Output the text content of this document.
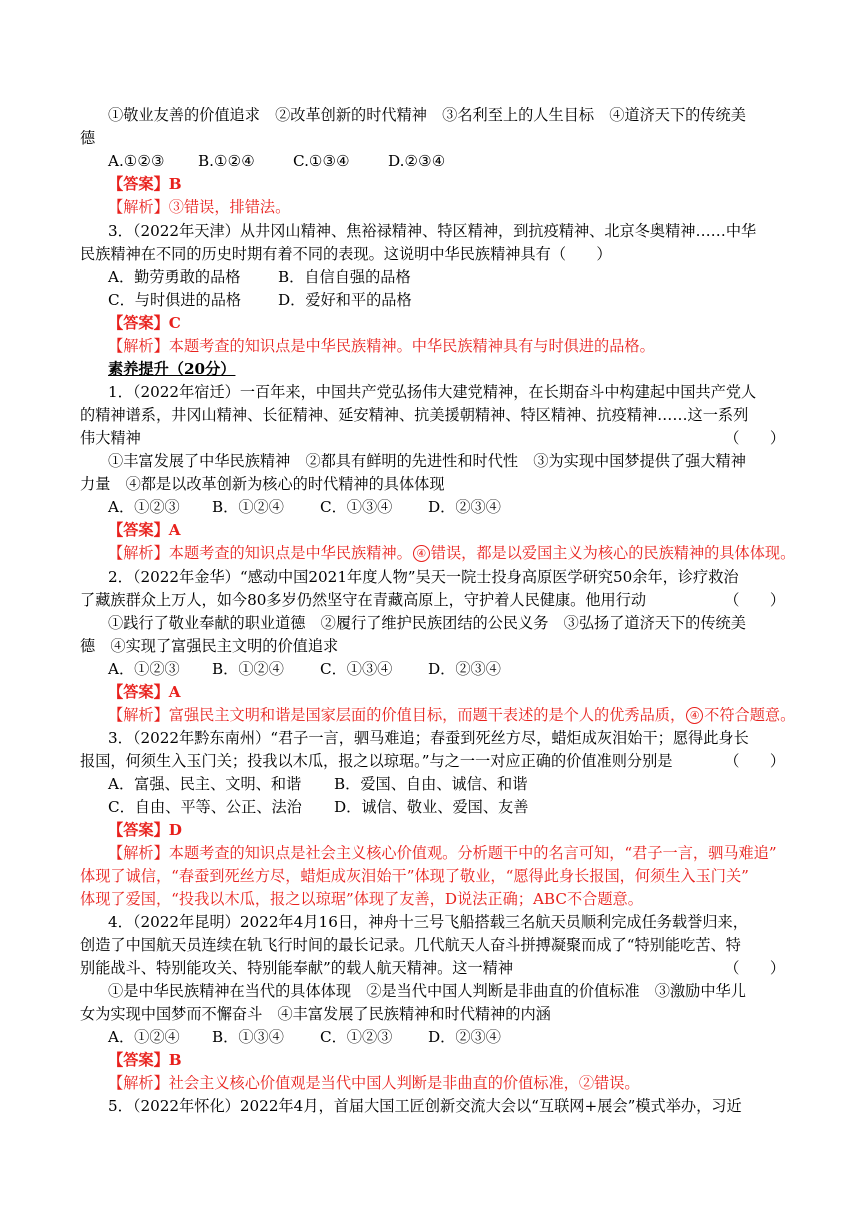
①敬业友善的价值追求　②改革创新的时代精神　③名利至上的人生目标　④道济天下的传统美
德
A.①②③ B.①②④	C.①③④	D.②③④
【答案】B
【解析】③错误，排错法。
3．（2022年天津）从井冈山精神、焦裕禄精神、特区精神，到抗疫精神、北京冬奥精神……中华
民族精神在不同的历史时期有着不同的表现。这说明中华民族精神具有（　　）
A．勤劳勇敢的品格 B．自信自强的品格
C．与时俱进的品格 D．爱好和平的品格
【答案】C
【解析】本题考查的知识点是中华民族精神。中华民族精神具有与时俱进的品格。
素养提升（20分）
1．（2022年宿迁）一百年来，中国共产党弘扬伟大建党精神，在长期奋斗中构建起中国共产党人
的精神谱系，井冈山精神、长征精神、延安精神、抗美援朝精神、特区精神、抗疫精神……这一系列
伟大精神	（　　）
①丰富发展了中华民族精神　②都具有鲜明的先进性和时代性　③为实现中国梦提供了强大精神
力量　④都是以改革创新为核心的时代精神的具体体现
A．①②③ B．①②④ C．①③④ D．②③④
【答案】A
【解析】本题考查的知识点是中华民族精神。 ④ 错误，都是以爱国主义为核心的民族精神的具体体现。
2．（2022年金华）“感动中国2021年度人物”吴天一院士投身高原医学研究50余年，诊疗救治
了藏族群众上万人，如今80多岁仍然坚守在青藏高原上，守护着人民健康。他用行动	（　　）
①践行了敬业奉献的职业道德　②履行了维护民族团结的公民义务　③弘扬了道济天下的传统美
德　④实现了富强民主文明的价值追求
A．①②③ B．①②④ C．①③④ D．②③④
【答案】A
【解析】富强民主文明和谐是国家层面的价值目标，而题干表述的是个人的优秀品质， ④ 不符合题意。
3．（2022年黔东南州）“君子一言，驷马难追；春蚕到死丝方尽，蜡炬成灰泪始干；愿得此身长
报国，何须生入玉门关；投我以木瓜，报之以琼琚。”与之一一对应正确的价值准则分别是	（　　）
A．富强、民主、文明、和谐 B．爱国、自由、诚信、和谐
C．自由、平等、公正、法治 D．诚信、敬业、爱国、友善
【答案】D
【解析】本题考查的知识点是社会主义核心价值观。分析题干中的名言可知，“君子一言，驷马难追”
体现了诚信，“春蚕到死丝方尽，蜡炬成灰泪始干”体现了敬业，“愿得此身长报国，何须生入玉门关”
体现了爱国，“投我以木瓜，报之以琼琚”体现了友善，D说法正确；ABC不合题意。
4．（2022年昆明）2022年4月16日，神舟十三号飞船搭载三名航天员顺利完成任务载誉归来，
创造了中国航天员连续在轨飞行时间的最长记录。几代航天人奋斗拼搏凝聚而成了“特别能吃苦、特
别能战斗、特别能攻关、特别能奉献”的载人航天精神。这一精神	（　　）
①是中华民族精神在当代的具体体现　②是当代中国人判断是非曲直的价值标准　③激励中华儿
女为实现中国梦而不懈奋斗　④丰富发展了民族精神和时代精神的内涵
A．①②④ B．①③④ C．①②③ D．②③④
【答案】B
【解析】社会主义核心价值观是当代中国人判断是非曲直的价值标准，②错误。
5．（2022年怀化）2022年4月，首届大国工匠创新交流大会以“互联网+展会”模式举办，习近
